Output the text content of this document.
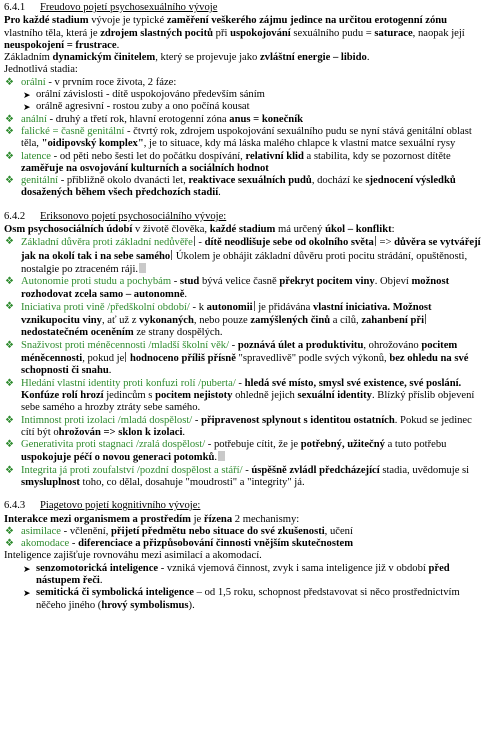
6.4.1	Freudovo pojetí psychosexuálního vývoje

Pro každé stadium vývoje je typické zaměření veškerého zájmu jedince na určitou erotogenní zónu vlastního těla, která je zdrojem slastných pocitů při uspokojování sexuálního pudu = saturace, naopak její neuspokojení = frustrace.

Základním dynamickým činitelem, který se projevuje jako zvláštní energie – libido.

Jednotlivá stadia:

❖ orální - v prvním roce života, 2 fáze:
➤ orální závislosti - dítě uspokojováno především sáním
➤ orálně agresivní - rostou zuby a ono počíná kousat
❖ anální - druhý a třetí rok, hlavní erotogenní zóna anus = konečník
❖ falické = časně genitální - čtvrtý rok, zdrojem uspokojování sexuálního pudu se nyní stává genitální oblast těla, "oidipovský komplex", je to situace, kdy má láska malého chlapce k vlastní matce sexuální rysy
❖ latence - od pěti nebo šesti let do počátku dospívání, relativní klid a stabilita, kdy se pozornost dítěte zaměřuje na osvojování kulturních a sociálních hodnot
❖ genitální - přibližně okolo dvanácti let, reaktivace sexuálních pudů, dochází ke sjednocení výsledků dosažených během všech předchozích stadií.
6.4.2	Eriksonovo pojetí psychosociálního vývoje:

Osm psychosociálních údobí v životě člověka, každé stadium má určený úkol – konflikt:

❖ Základní důvěra proti základní nedůvěře - dítě neodlišuje sebe od okolního světa => důvěra se vytvářejí jak na okolí tak i na sebe samého Úkolem je obhájit základní důvěru proti pocitu strádání, opuštěnosti, nostalgie po ztraceném ráji.
❖ Autonomie proti studu a pochybám - stud bývá velice časně překryt pocitem viny. Objeví možnost rozhodovat zcela samo – autonomně.
❖ Iniciativa proti vině /předškolní období/ - k autonomii je přidávána vlastní iniciativa. Možnost vznikupocitu viny, ať už z vykonaných, nebo pouze zamýšlených činů a cílů, zahanbení při nedostatečném oceněním ze strany dospělých.
❖ Snaživost proti méněcennosti /mladší školní věk/ - poznává úlet a produktivitu, ohrožováno pocitem méněcennosti, pokud je hodnoceno příliš přísně "spravedlivě" podle svých výkonů, bez ohledu na své schopnosti či snahu.
❖ Hledání vlastní identity proti konfuzi rolí /puberta/ - hledá své místo, smysl své existence, své poslání. Konfúze rolí hrozí jedincům s pocitem nejistoty ohledně jejich sexuální identity. Blízký příslib objevení sebe samého a hrozby ztráty sebe samého.
❖ Intimnost proti izolaci /mladá dospělost/ - připravenost splynout s identitou ostatních. Pokud se jedinec cítí být ohrožován => sklon k izolaci.
❖ Generativita proti stagnaci /zralá dospělost/ - potřebuje cítit, že je potřebný, užitečný a tuto potřebu uspokojuje péčí o novou generaci potomků.
❖ Integrita já proti zoufalství /pozdní dospělost a stáří/ - úspěšně zvládl předcházející stadia, uvědomuje si smysluplnost toho, co dělal, dosahuje "moudrosti" a "integrity" já.
6.4.3	Piagetovo pojetí kognitivního vývoje:

Interakce mezi organismem a prostředím je řízena 2 mechanismy:

❖ asimilace - včlenění, přijetí předmětu nebo situace do své zkušenosti, učení
❖ akomodace - diferenciace a přizpůsobování činnosti vnějším skutečnostem

Inteligence zajišťuje rovnováhu mezi asimilací a akomodací.

➤ senzomotorická inteligence - vzniká vjemová činnost, zvyk i sama inteligence již v období před nástupem řeči.
➤ semitická či symbolická inteligence – od 1,5 roku, schopnost představovat si něco prostřednictvím něčeho jiného (hrový symbolismus).
